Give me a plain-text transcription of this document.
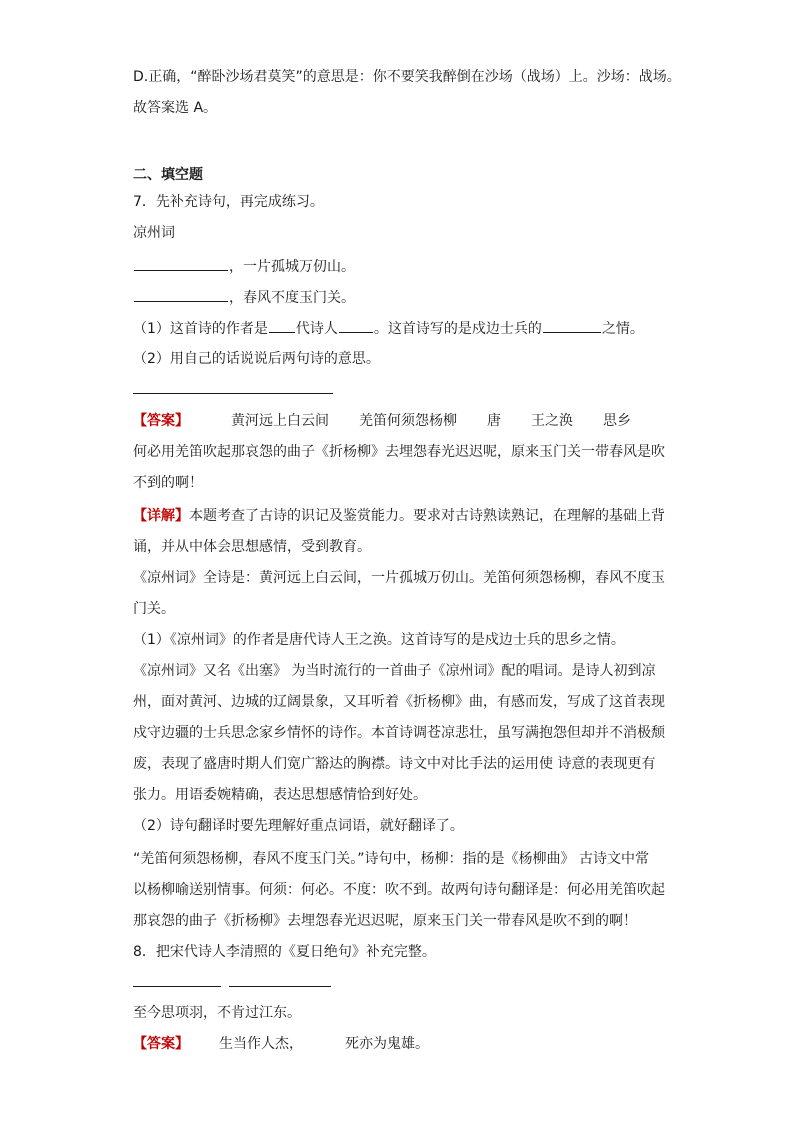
D.正确，“醉卧沙场君莫笑”的意思是：你不要笑我醉倒在沙场（战场）上。沙场：战场。
故答案选 A。
二、填空题
7．先补充诗句，再完成练习。
凉州词
，一片孤城万仞山。
，春风不度玉门关。
（1）这首诗的作者是 代诗人	。这首诗写的是戍边士兵的	之情。
（2）用自己的话说说后两句诗的意思。
【答案】	黄河远上白云间 羌笛何须怨杨柳 唐 王之涣 思乡
何必用羌笛吹起那哀怨的曲子《折杨柳》去埋怨春光迟迟呢，原来玉门关一带春风是吹
不到的啊！
【详解】本题考查了古诗的识记及鉴赏能力。要求对古诗熟读熟记，在理解的基础上背
诵，并从中体会思想感情，受到教育。
《凉州词》全诗是：黄河远上白云间，一片孤城万仞山。羌笛何须怨杨柳，春风不度玉
门关。
（1）《凉州词》的作者是唐代诗人王之涣。这首诗写的是戍边士兵的思乡之情。
《凉州词》又名《出塞》 为当时流行的一首曲子《凉州词》配的唱词。是诗人初到凉
州，面对黄河、边城的辽阔景象，又耳听着《折杨柳》曲，有感而发，写成了这首表现
戍守边疆的士兵思念家乡情怀的诗作。本首诗调苍凉悲壮，虽写满抱怨但却并不消极颓
废，表现了盛唐时期人们宽广豁达的胸襟。诗文中对比手法的运用使 诗意的表现更有
张力。用语委婉精确，表达思想感情恰到好处。
（2）诗句翻译时要先理解好重点词语，就好翻译了。
“羌笛何须怨杨柳，春风不度玉门关。”诗句中，杨柳：指的是《杨柳曲》 古诗文中常
以杨柳喻送别情事。何须：何必。不度：吹不到。故两句诗句翻译是：何必用羌笛吹起
那哀怨的曲子《折杨柳》去埋怨春光迟迟呢，原来玉门关一带春风是吹不到的啊！
8．把宋代诗人李清照的《夏日绝句》补充完整。
至今思项羽，不肯过江东。
【答案】 生当作人杰，	死亦为鬼雄。
